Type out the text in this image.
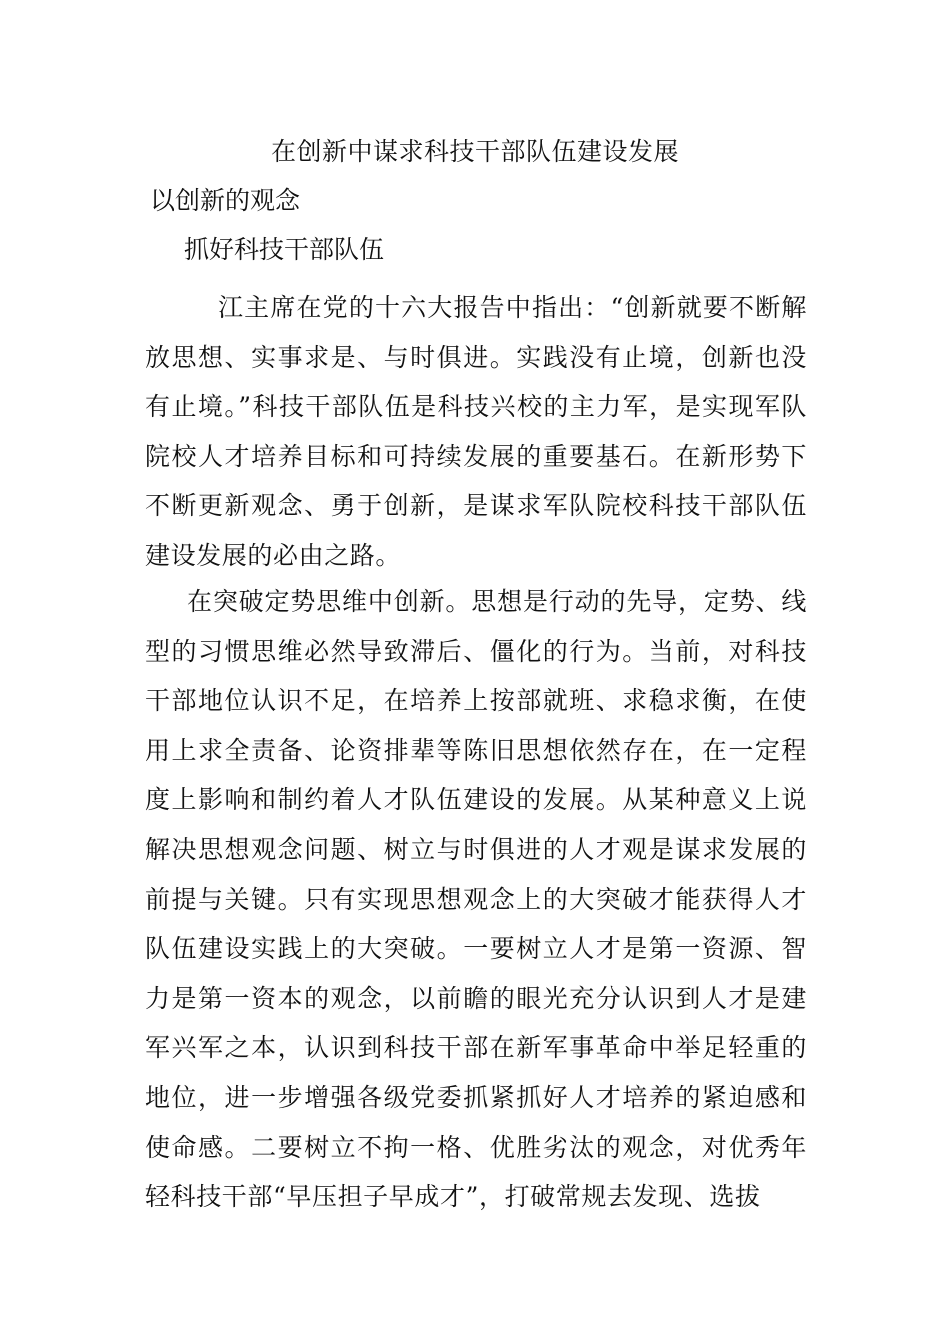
在创新中谋求科技干部队伍建设发展
以创新的观念
抓好科技干部队伍

江主席在党的十六大报告中指出：“创新就要不断解放思想、实事求是、与时俱进。实践没有止境，创新也没有止境。”科技干部队伍是科技兴校的主力军，是实现军队院校人才培养目标和可持续发展的重要基石。在新形势下不断更新观念、勇于创新，是谋求军队院校科技干部队伍建设发展的必由之路。

在突破定势思维中创新。思想是行动的先导，定势、线型的习惯思维必然导致滞后、僵化的行为。当前，对科技干部地位认识不足，在培养上按部就班、求稳求衡，在使用上求全责备、论资排辈等陈旧思想依然存在，在一定程度上影响和制约着人才队伍建设的发展。从某种意义上说解决思想观念问题、树立与时俱进的人才观是谋求发展的前提与关键。只有实现思想观念上的大突破才能获得人才队伍建设实践上的大突破。一要树立人才是第一资源、智力是第一资本的观念，以前瞻的眼光充分认识到人才是建军兴军之本，认识到科技干部在新军事革命中举足轻重的地位，进一步增强各级党委抓紧抓好人才培养的紧迫感和使命感。二要树立不拘一格、优胜劣汰的观念，对优秀年轻科技干部“早压担子早成才”，打破常规去发现、选拔
